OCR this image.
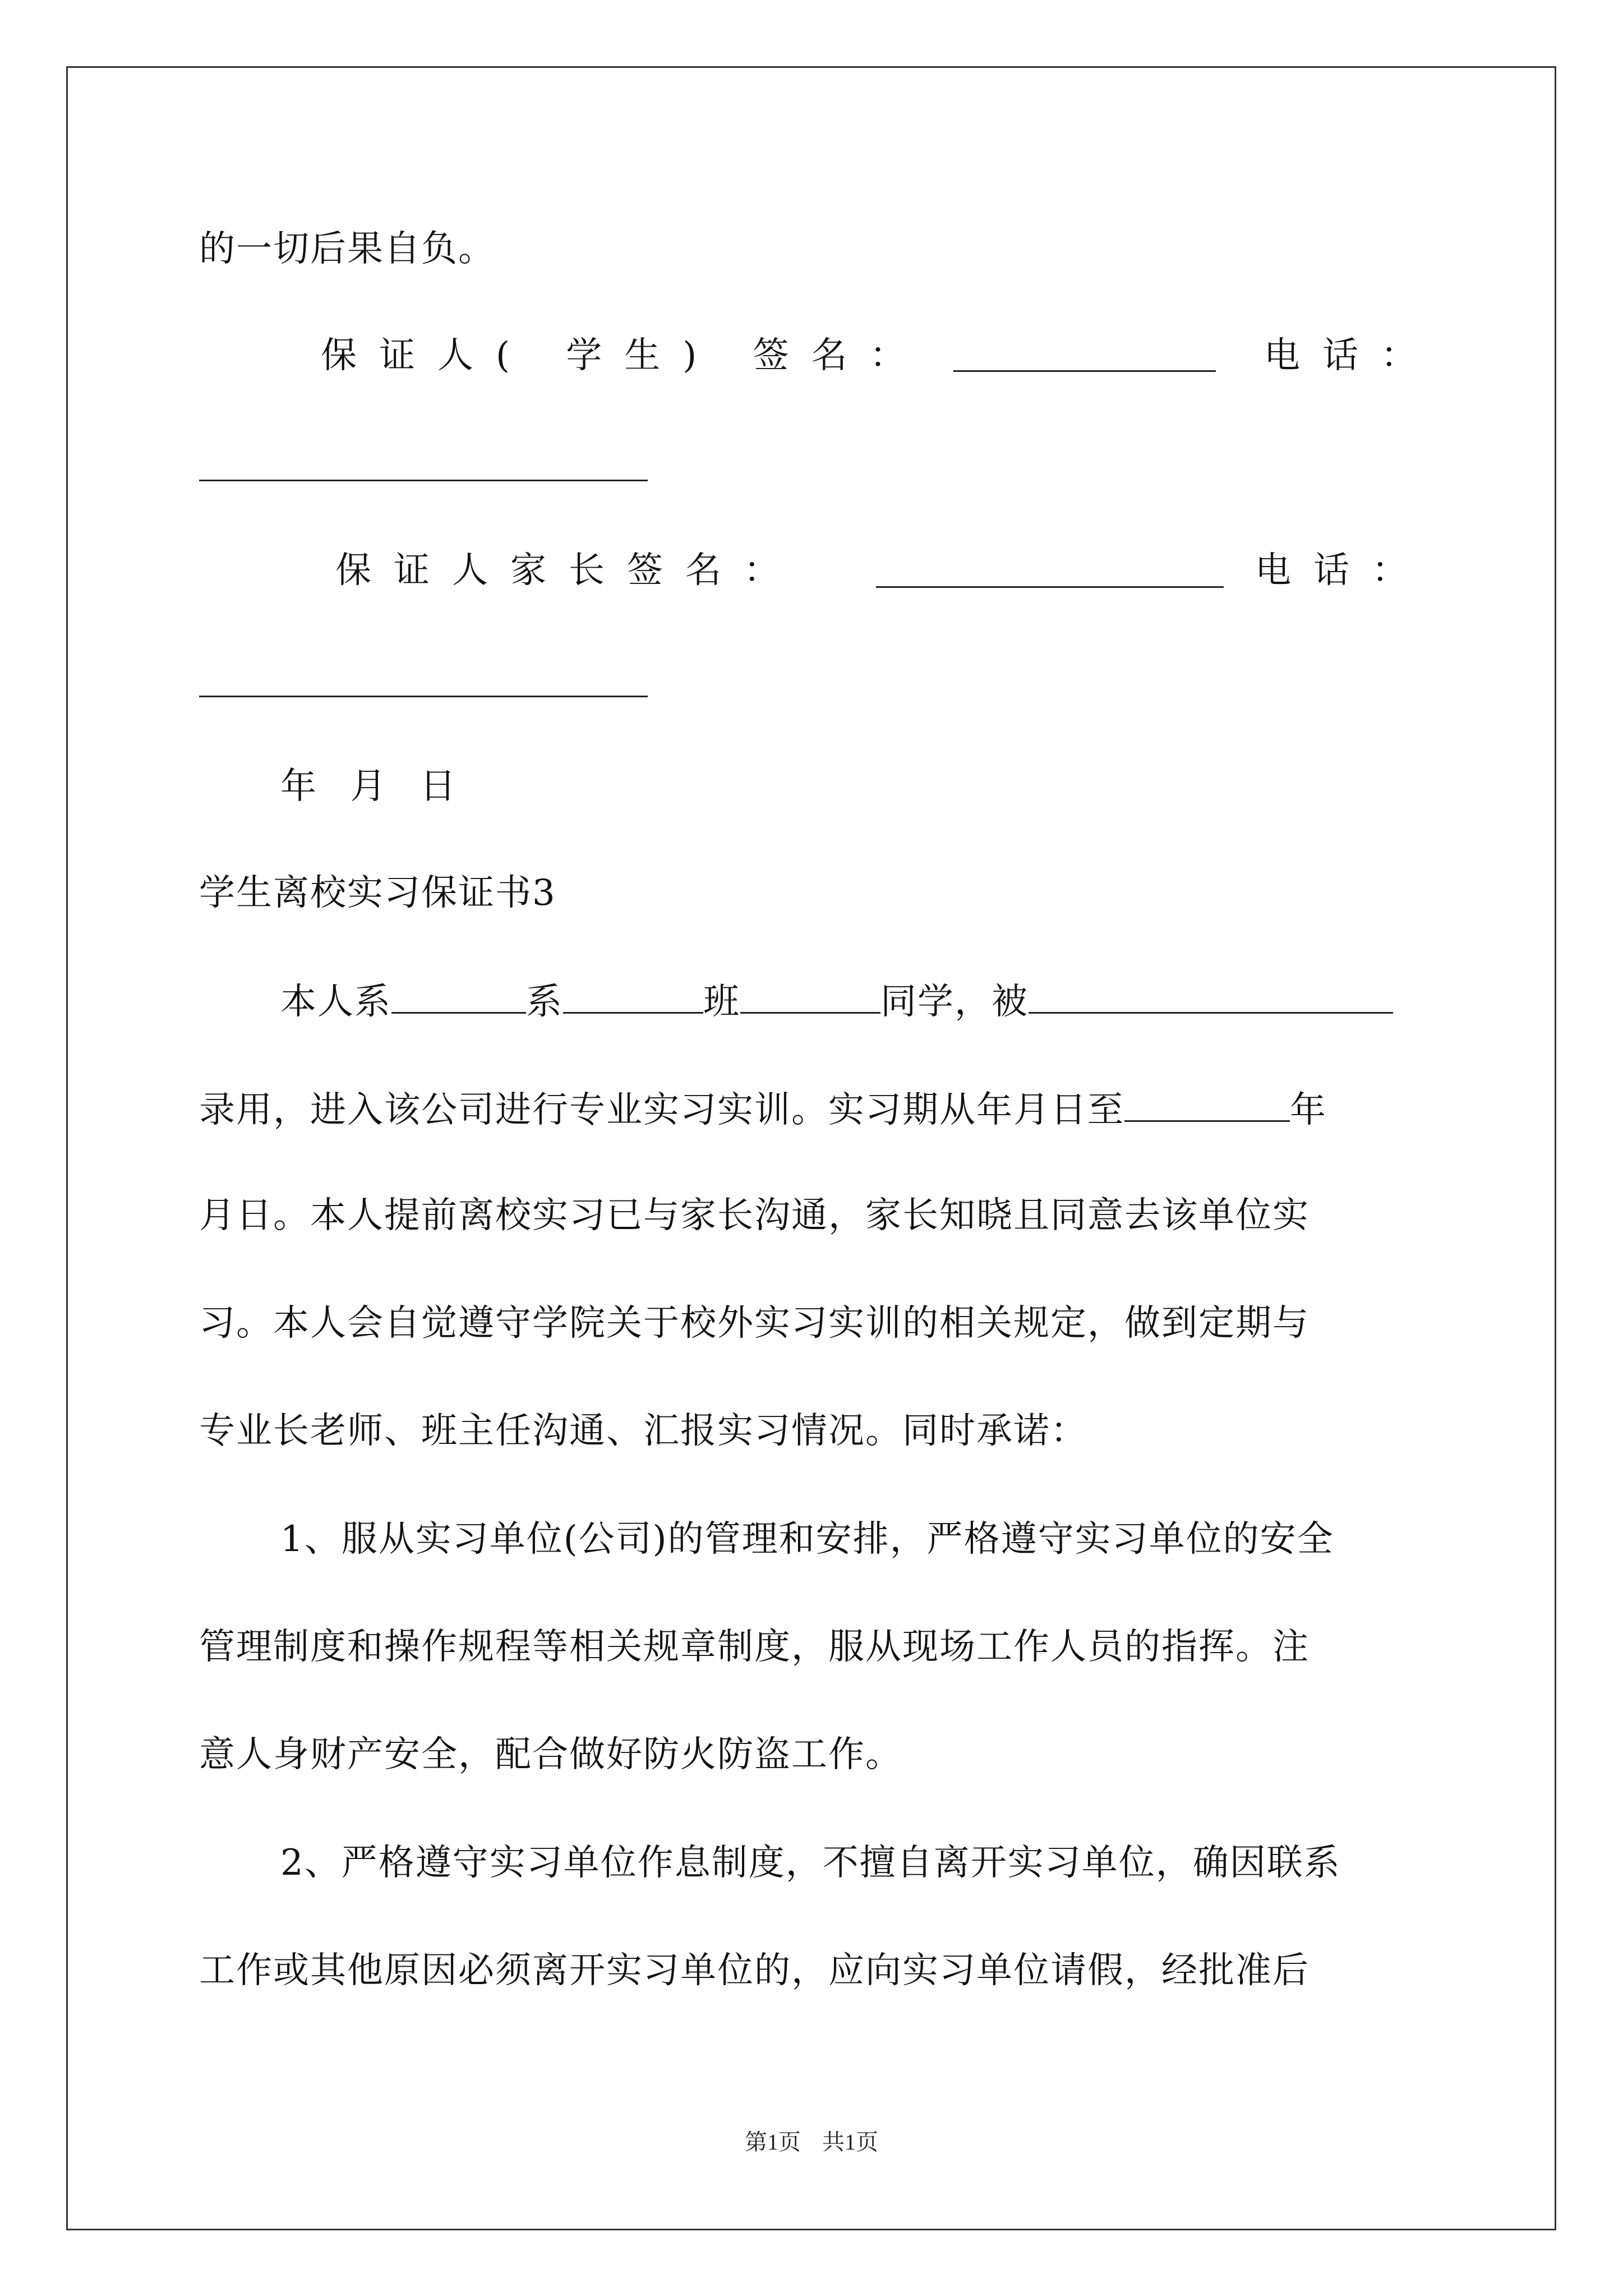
的一切后果自负。
保证人( 学生) 签名：	电话：
保证人家长签名：	电话：
年 月 日
学生离校实习保证书3
本人系	系	班	同学，被
录用，进入该公司进行专业实习实训。实习期从年月日至	年
月日。本人提前离校实习已与家长沟通，家长知晓且同意去该单位实
习。本人会自觉遵守学院关于校外实习实训的相关规定，做到定期与
专业长老师、班主任沟通、汇报实习情况。同时承诺：
1、服从实习单位(公司)的管理和安排，严格遵守实习单位的安全
管理制度和操作规程等相关规章制度，服从现场工作人员的指挥。注
意人身财产安全，配合做好防火防盗工作。
2、严格遵守实习单位作息制度，不擅自离开实习单位，确因联系
工作或其他原因必须离开实习单位的，应向实习单位请假，经批准后
第1页 共1页
